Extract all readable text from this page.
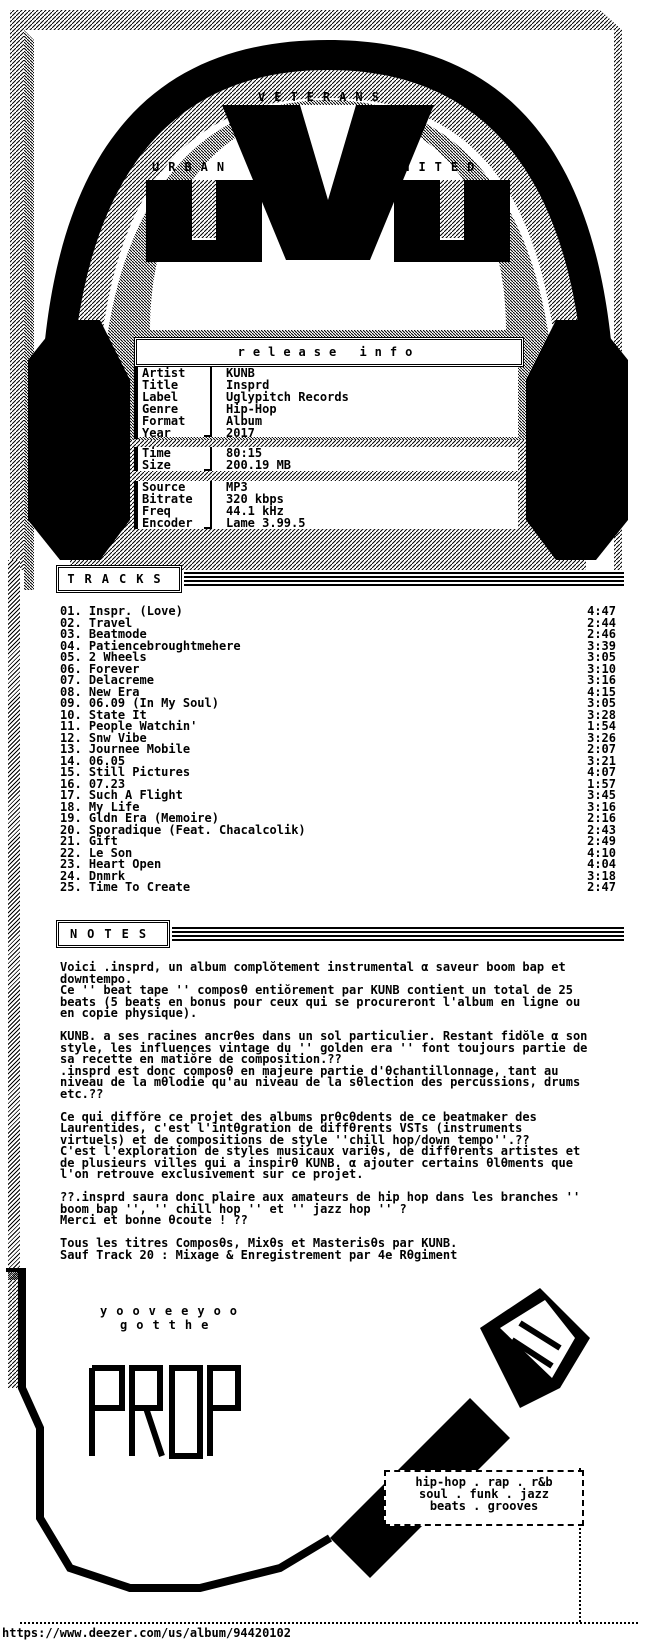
VETERANS
URBAN	UNITED
release info
Artist	KUNB
Title	Insprd
Label	Uglypitch Records
Genre	Hip-Hop
Format	Album
Year	2017
Time	80:15
Size	200.19 MB
Source	MP3
Bitrate	320 kbps
Freq	44.1 kHz
Encoder	Lame 3.99.5
TRACKS
01. Inspr. (Love)	4:47
02. Travel	2:44
03. Beatmode	2:46
04. Patiencebroughtmehere	3:39
05. 2 Wheels	3:05
06. Forever	3:10
07. Delacreme	3:16
08. New Era	4:15
09. 06.09 (In My Soul)	3:05
10. State It	3:28
11. People Watchin'	1:54
12. Snw Vibe	3:26
13. Journee Mobile	2:07
14. 06.05	3:21
15. Still Pictures	4:07
16. 07.23	1:57
17. Such A Flight	3:45
18. My Life	3:16
19. Gldn Era (Memoire)	2:16
20. Sporadique (Feat. Chacalcolik)	2:43
21. Gift	2:49
22. Le Son	4:10
23. Heart Open	4:04
24. Dnmrk	3:18
25. Time To Create	2:47
NOTES

Voici .insprd, un album complŏtement instrumental α saveur boom bap et
downtempo.
Ce '' beat tape '' composθ entiŏrement par KUNB contient un total de 25
beats (5 beats en bonus pour ceux qui se procureront l'album en ligne ou
en copie physique).

KUNB. a ses racines ancrθes dans un sol particulier. Restant fidŏle α son
style, les influences vintage du '' golden era '' font toujours partie de
sa recette en matiŏre de composition.??
.insprd est donc composθ en majeure partie d'θchantillonnage, tant au
niveau de la mθlodie qu'au niveau de la sθlection des percussions, drums
etc.??

Ce qui diffŏre ce projet des albums prθcθdents de ce beatmaker des
Laurentides, c'est l'intθgration de diffθrents VSTs (instruments
virtuels) et de compositions de style ''chill hop/down tempo''.??
C'est l'exploration de styles musicaux variθs, de diffθrents artistes et
de plusieurs villes qui a inspirθ KUNB. α ajouter certains θlθments que
l'on retrouve exclusivement sur ce projet.

??.insprd saura donc plaire aux amateurs de hip hop dans les branches ''
boom bap '', '' chill hop '' et '' jazz hop '' ?
Merci et bonne θcoute ! ??

Tous les titres Composθs, Mixθs et Masterisθs par KUNB.
Sauf Track 20 : Mixage & Enregistrement par 4e Rθgiment

yooveeyoo
gotthe
hip-hop . rap . r&b
soul . funk . jazz
beats . grooves
https://www.deezer.com/us/album/94420102
